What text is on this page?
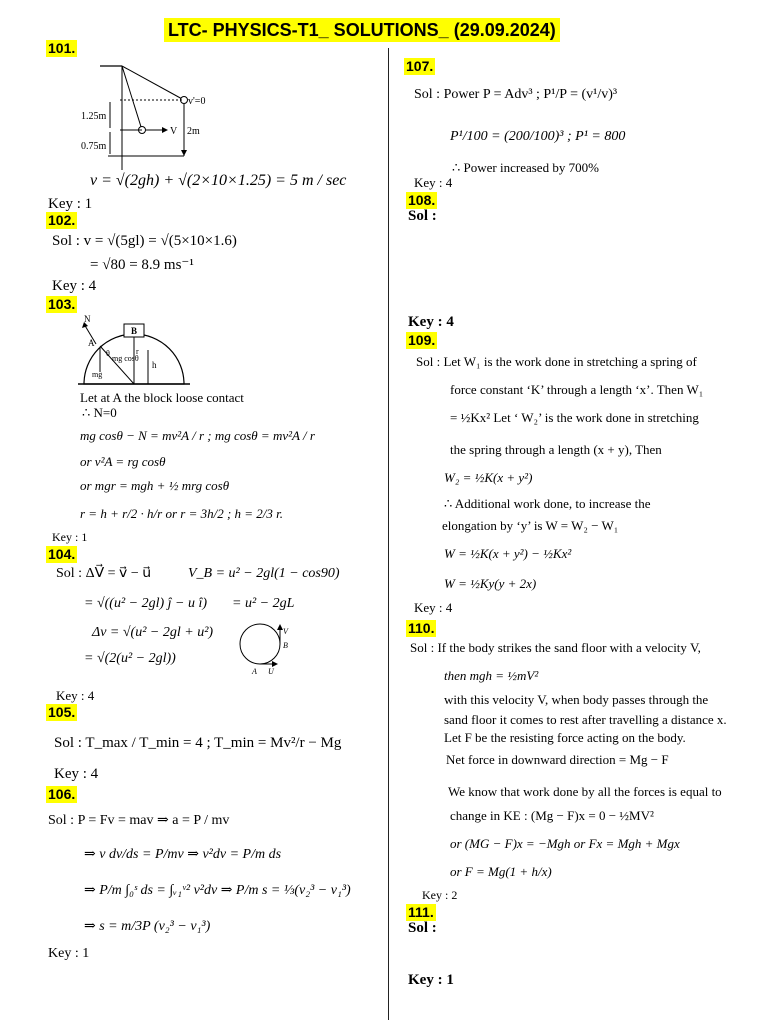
LTC- PHYSICS-T1_ SOLUTIONS_ (29.09.2024)
101.
v'=0
1.25m
V 2m
0.75m
v = √(2gh) + √(2×10×1.25) = 5 m / sec
Key : 1
102.
Sol : v = √(5gl) = √(5×10×1.6)
= √80 = 8.9 ms⁻¹
Key : 4
103.
N
B
A
θ	r
h
mg cosθ
mg
Let at A the block loose contact
∴ N=0
mg cosθ − N = mv²A / r ; mg cosθ = mv²A / r
or v²A = rg cosθ
or mgr = mgh + ½ mrg cosθ
r = h + r/2 · h/r or r = 3h/2 ; h = 2/3 r.
Key : 1
104.
Sol : ΔV⃗ = v⃗ − u⃗	V_B = u² − 2gl(1 − cos90)
= √((u² − 2gl) ĵ − u î) = u² − 2gL
Δv = √(u² − 2gl + u²)
= √(2(u² − 2gl))
V
B
A U
Key : 4
105.
Sol : T_max / T_min = 4 ; T_min = Mv²/r − Mg
Key : 4
106.
Sol : P = Fv = mav ⇒ a = P / mv
⇒ v dv/ds = P/mv ⇒ v²dv = P/m ds
⇒ P/m ∫₀ˢ ds = ∫ᵥ₁ᵛ² v²dv ⇒ P/m s = ⅓(v₂³ − v₁³)
⇒ s = m/3P (v₂³ − v₁³)
Key : 1
107.
Sol : Power P = Adv³ ; P¹/P = (v¹/v)³
P¹/100 = (200/100)³ ; P¹ = 800
∴ Power increased by 700%
Key : 4
108.
Sol :
Key : 4
109.
Sol : Let W₁ is the work done in stretching a spring of
force constant ‘K’ through a length ‘x’. Then W₁
= ½Kx² Let ‘ W₂’ is the work done in stretching
the spring through a length (x + y), Then
W₂ = ½K(x + y²)
∴ Additional work done, to increase the
elongation by ‘y’ is W = W₂ − W₁
W = ½K(x + y²) − ½Kx²
W = ½Ky(y + 2x)
Key : 4
110.
Sol : If the body strikes the sand floor with a velocity V,
then mgh = ½mV²
with this velocity V, when body passes through the
sand floor it comes to rest after travelling a distance x.
Let F be the resisting force acting on the body.
Net force in downward direction = Mg − F
We know that work done by all the forces is equal to
change in KE : (Mg − F)x = 0 − ½MV²
or (MG − F)x = −Mgh or Fx = Mgh + Mgx
or F = Mg(1 + h/x)
Key : 2
111.
Sol :
Key : 1
